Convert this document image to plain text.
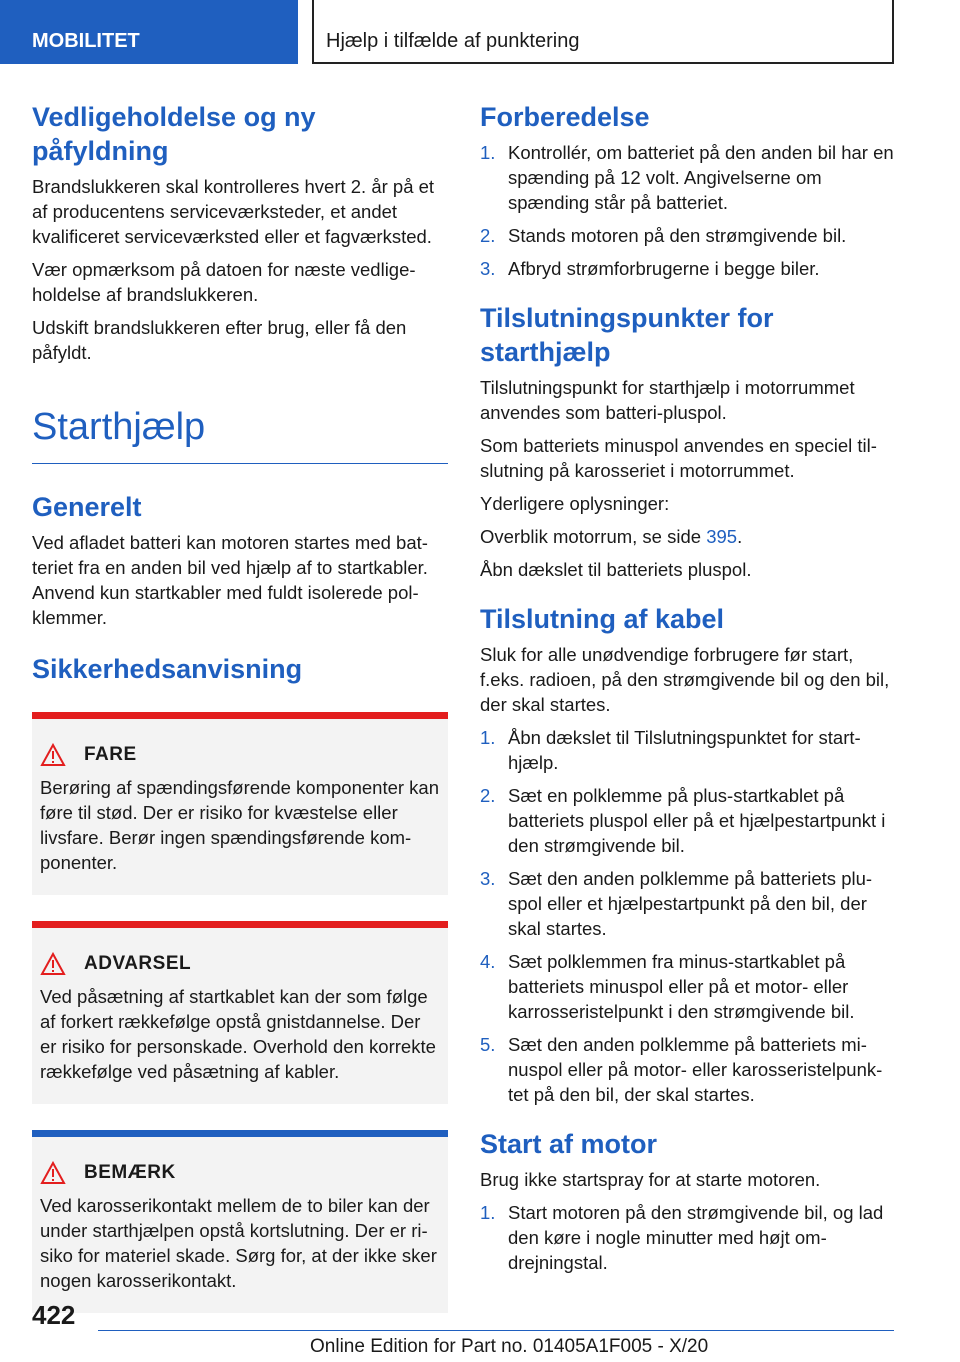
MOBILITET	Hjælp i tilfælde af punktering
Vedligeholdelse og ny påfyldning

Brandslukkeren skal kontrolleres hvert 2. år på et af producentens serviceværksteder, et andet kvalificeret serviceværksted eller et fagværksted.

Vær opmærksom på datoen for næste vedligeholdelse af brandslukkeren.

Udskift brandslukkeren efter brug, eller få den påfyldt.

Starthjælp
Generelt

Ved afladet batteri kan motoren startes med batteriet fra en anden bil ved hjælp af to startkabler. Anvend kun startkabler med fuldt isolerede polklemmer.

Sikkerhedsanvisning
FARE

Berøring af spændingsførende komponenter kan føre til stød. Der er risiko for kvæstelse eller livsfare. Berør ingen spændingsførende komponenter.

ADVARSEL

Ved påsætning af startkablet kan der som følge af forkert rækkefølge opstå gnistdannelse. Der er risiko for personskade. Overhold den korrekte rækkefølge ved påsætning af kabler.

BEMÆRK

Ved karosserikontakt mellem de to biler kan der under starthjælpen opstå kortslutning. Der er risiko for materiel skade. Sørg for, at der ikke sker nogen karosserikontakt.

Forberedelse
1. Kontrollér, om batteriet på den anden bil har en spænding på 12 volt. Angivelserne om spænding står på batteriet.
2. Stands motoren på den strømgivende bil.
3. Afbryd strømforbrugerne i begge biler.
Tilslutningspunkter for starthjælp

Tilslutningspunkt for starthjælp i motorrummet anvendes som batteri-pluspol.

Som batteriets minuspol anvendes en speciel tilslutning på karosseriet i motorrummet.

Yderligere oplysninger:

Overblik motorrum, se side 395.

Åbn dækslet til batteriets pluspol.

Tilslutning af kabel

Sluk for alle unødvendige forbrugere før start, f.eks. radioen, på den strømgivende bil og den bil, der skal startes.

1. Åbn dækslet til Tilslutningspunktet for starthjælp.
2. Sæt en polklemme på plus-startkablet på batteriets pluspol eller på et hjælpestartpunkt i den strømgivende bil.
3. Sæt den anden polklemme på batteriets pluspol eller et hjælpestartpunkt på den bil, der skal startes.
4. Sæt polklemmen fra minus-startkablet på batteriets minuspol eller på et motor- eller karrosseristelpunkt i den strømgivende bil.
5. Sæt den anden polklemme på batteriets minuspol eller på motor- eller karosseristelpunktet på den bil, der skal startes.
Start af motor

Brug ikke startspray for at starte motoren.

1. Start motoren på den strømgivende bil, og lad den køre i nogle minutter med højt omdrejningstal.
422
Online Edition for Part no. 01405A1F005 - X/20
